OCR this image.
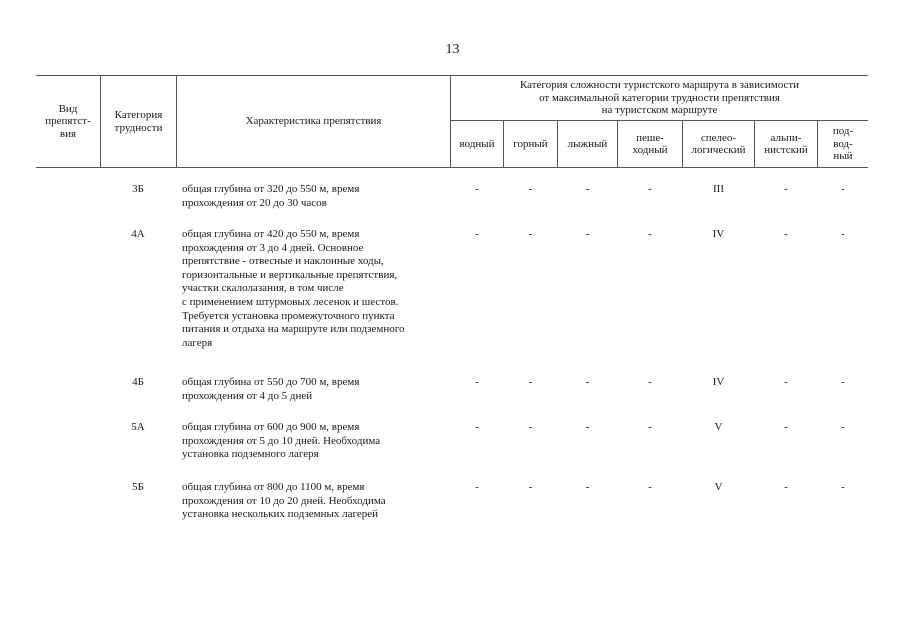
13
Вид
препятст-
вия
Категория
трудности
Характеристика препятствия
Категория сложности туристского маршрута в зависимости
от максимальной категории трудности препятствия
на туристском маршруте
водный горный лыжный
пеше-
ходный
спелео-
логический
альпи-
нистский
под-
вод-
ный
3Б	общая глубина от 320 до 550 м, время
прохождения от 20 до 30 часов
-	-	-	-	III	-	-
4А	общая глубина от 420 до 550 м, время
прохождения от 3 до 4 дней. Основное
препятствие - отвесные и наклонные ходы,
горизонтальные и вертикальные препятствия,
участки скалолазания, в том числе
с применением штурмовых лесенок и шестов.
Требуется установка промежуточного пункта
питания и отдыха на маршруте или подземного
лагеря
-	-	-	-	IV	-	-
4Б	общая глубина от 550 до 700 м, время
прохождения от 4 до 5 дней
-	-	-	-	IV	-	-
5А	общая глубина от 600 до 900 м, время
прохождения от 5 до 10 дней. Необходима
установка подземного лагеря
-	-	-	-	V	-	-
5Б	общая глубина от 800 до 1100 м, время
прохождения от 10 до 20 дней. Необходима
установка нескольких подземных лагерей
-	-	-	-	V	-	-
